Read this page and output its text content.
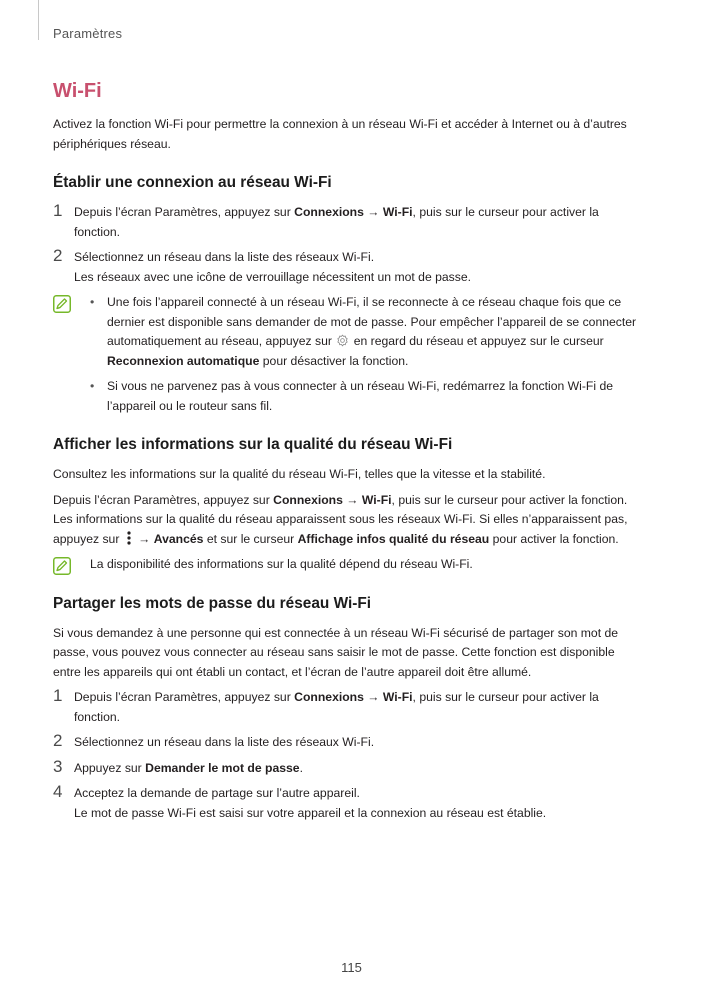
Paramètres
Wi-Fi

Activez la fonction Wi-Fi pour permettre la connexion à un réseau Wi-Fi et accéder à Internet ou à d’autres périphériques réseau.

Établir une connexion au réseau Wi-Fi
1 Depuis l’écran Paramètres, appuyez sur Connexions → Wi-Fi, puis sur le curseur pour activer la fonction.
2 Sélectionnez un réseau dans la liste des réseaux Wi-Fi.
Les réseaux avec une icône de verrouillage nécessitent un mot de passe.
• Une fois l’appareil connecté à un réseau Wi-Fi, il se reconnecte à ce réseau chaque fois que ce dernier est disponible sans demander de mot de passe. Pour empêcher l’appareil de se connecter automatiquement au réseau, appuyez sur  en regard du réseau et appuyez sur le curseur Reconnexion automatique pour désactiver la fonction.
• Si vous ne parvenez pas à vous connecter à un réseau Wi-Fi, redémarrez la fonction Wi-Fi de l’appareil ou le routeur sans fil.
Afficher les informations sur la qualité du réseau Wi-Fi

Consultez les informations sur la qualité du réseau Wi-Fi, telles que la vitesse et la stabilité.

Depuis l’écran Paramètres, appuyez sur Connexions → Wi-Fi, puis sur le curseur pour activer la fonction. Les informations sur la qualité du réseau apparaissent sous les réseaux Wi-Fi. Si elles n’apparaissent pas, appuyez sur  → Avancés et sur le curseur Affichage infos qualité du réseau pour activer la fonction.

La disponibilité des informations sur la qualité dépend du réseau Wi-Fi.
Partager les mots de passe du réseau Wi-Fi

Si vous demandez à une personne qui est connectée à un réseau Wi-Fi sécurisé de partager son mot de passe, vous pouvez vous connecter au réseau sans saisir le mot de passe. Cette fonction est disponible entre les appareils qui ont établi un contact, et l’écran de l’autre appareil doit être allumé.

1 Depuis l’écran Paramètres, appuyez sur Connexions → Wi-Fi, puis sur le curseur pour activer la fonction.
2 Sélectionnez un réseau dans la liste des réseaux Wi-Fi.
3 Appuyez sur Demander le mot de passe.
4 Acceptez la demande de partage sur l’autre appareil.
Le mot de passe Wi-Fi est saisi sur votre appareil et la connexion au réseau est établie.
115
